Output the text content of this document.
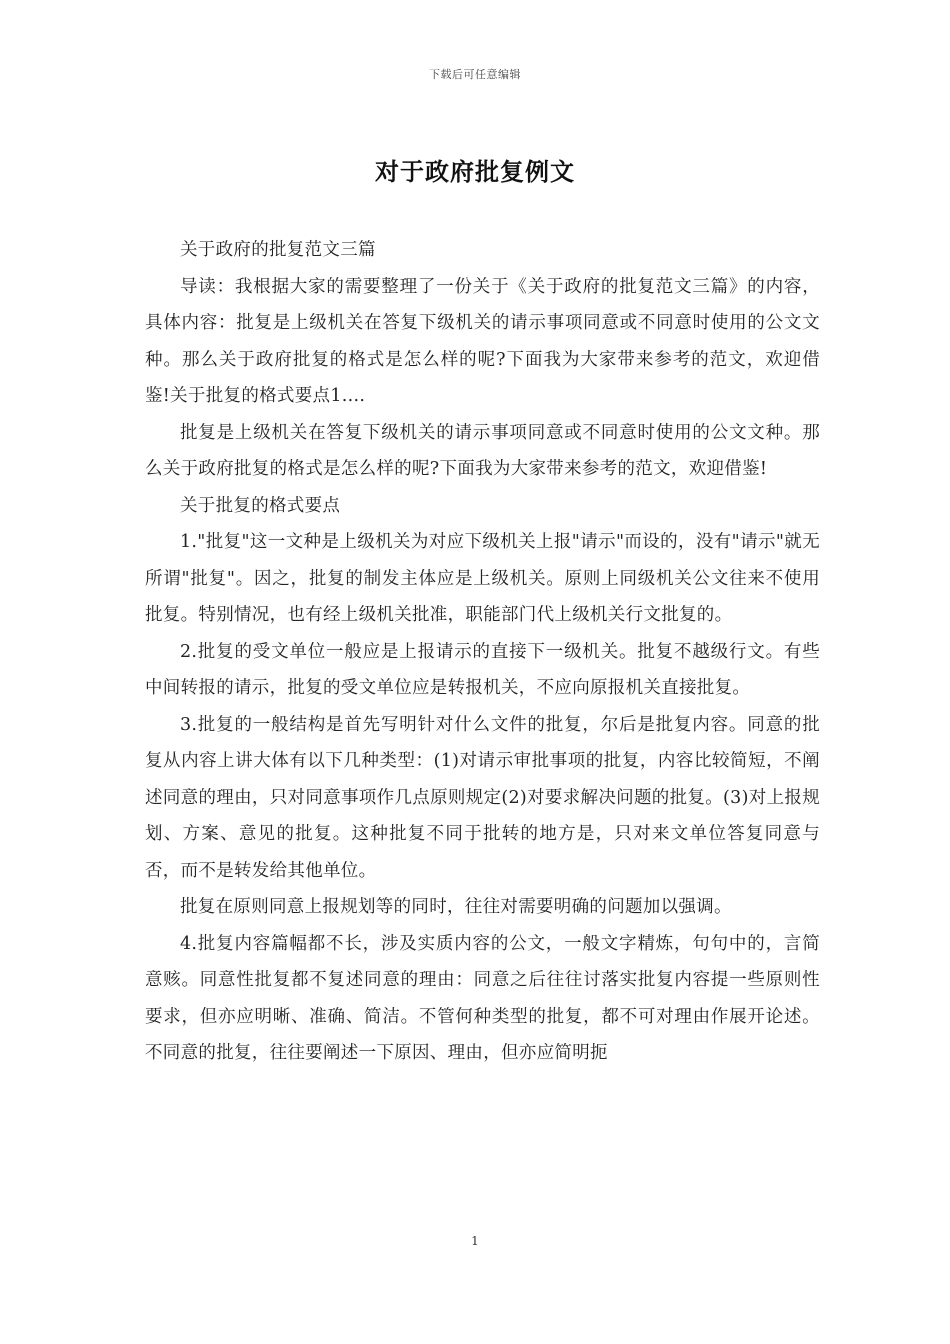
下载后可任意编辑
对于政府批复例文

关于政府的批复范文三篇

导读：我根据大家的需要整理了一份关于《关于政府的批复范文三篇》的内容，具体内容：批复是上级机关在答复下级机关的请示事项同意或不同意时使用的公文文种。那么关于政府批复的格式是怎么样的呢?下面我为大家带来参考的范文，欢迎借鉴!关于批复的格式要点1....

批复是上级机关在答复下级机关的请示事项同意或不同意时使用的公文文种。那么关于政府批复的格式是怎么样的呢?下面我为大家带来参考的范文，欢迎借鉴!

关于批复的格式要点

1."批复"这一文种是上级机关为对应下级机关上报"请示"而设的，没有"请示"就无所谓"批复"。因之，批复的制发主体应是上级机关。原则上同级机关公文往来不使用批复。特别情况，也有经上级机关批准，职能部门代上级机关行文批复的。

2.批复的受文单位一般应是上报请示的直接下一级机关。批复不越级行文。有些中间转报的请示，批复的受文单位应是转报机关，不应向原报机关直接批复。

3.批复的一般结构是首先写明针对什么文件的批复，尔后是批复内容。同意的批复从内容上讲大体有以下几种类型：(1)对请示审批事项的批复，内容比较简短，不阐述同意的理由，只对同意事项作几点原则规定(2)对要求解决问题的批复。(3)对上报规划、方案、意见的批复。这种批复不同于批转的地方是，只对来文单位答复同意与否，而不是转发给其他单位。

批复在原则同意上报规划等的同时，往往对需要明确的问题加以强调。

4.批复内容篇幅都不长，涉及实质内容的公文，一般文字精炼，句句中的，言简意赅。同意性批复都不复述同意的理由：同意之后往往讨落实批复内容提一些原则性要求，但亦应明晰、准确、简洁。不管何种类型的批复，都不可对理由作展开论述。不同意的批复，往往要阐述一下原因、理由，但亦应简明扼

1
